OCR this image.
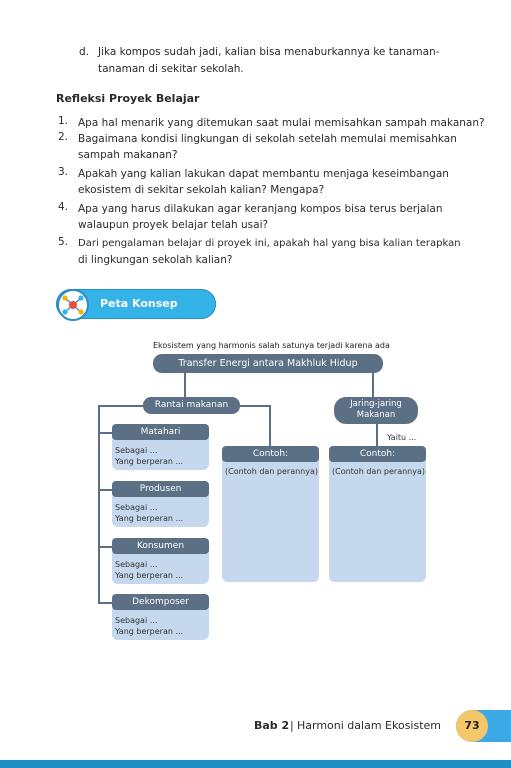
d. Jika kompos sudah jadi, kalian bisa menaburkannya ke tanaman-
tanaman di sekitar sekolah.
Refleksi Proyek Belajar
1. Apa hal menarik yang ditemukan saat mulai memisahkan sampah makanan?
2. Bagaimana kondisi lingkungan di sekolah setelah memulai memisahkan
sampah makanan?
3. Apakah yang kalian lakukan dapat membantu menjaga keseimbangan
ekosistem di sekitar sekolah kalian? Mengapa?
4. Apa yang harus dilakukan agar keranjang kompos bisa terus berjalan
walaupun proyek belajar telah usai?
5. Dari pengalaman belajar di proyek ini, apakah hal yang bisa kalian terapkan
di lingkungan sekolah kalian?
Peta Konsep
Ekosistem yang harmonis salah satunya terjadi karena ada
Transfer Energi antara Makhluk Hidup
Rantai makanan	Jaring-jaring Makanan
Yaitu ...
Contoh:
(Contoh dan perannya)
Contoh:
(Contoh dan perannya)
Matahari
Sebagai ...
Yang berperan ...
Produsen
Sebagai ...
Yang berperan ...
Konsumen
Sebagai ...
Yang berperan ...
Dekomposer
Sebagai ...
Yang berperan ...
Bab 2 | Harmoni dalam Ekosistem	73
